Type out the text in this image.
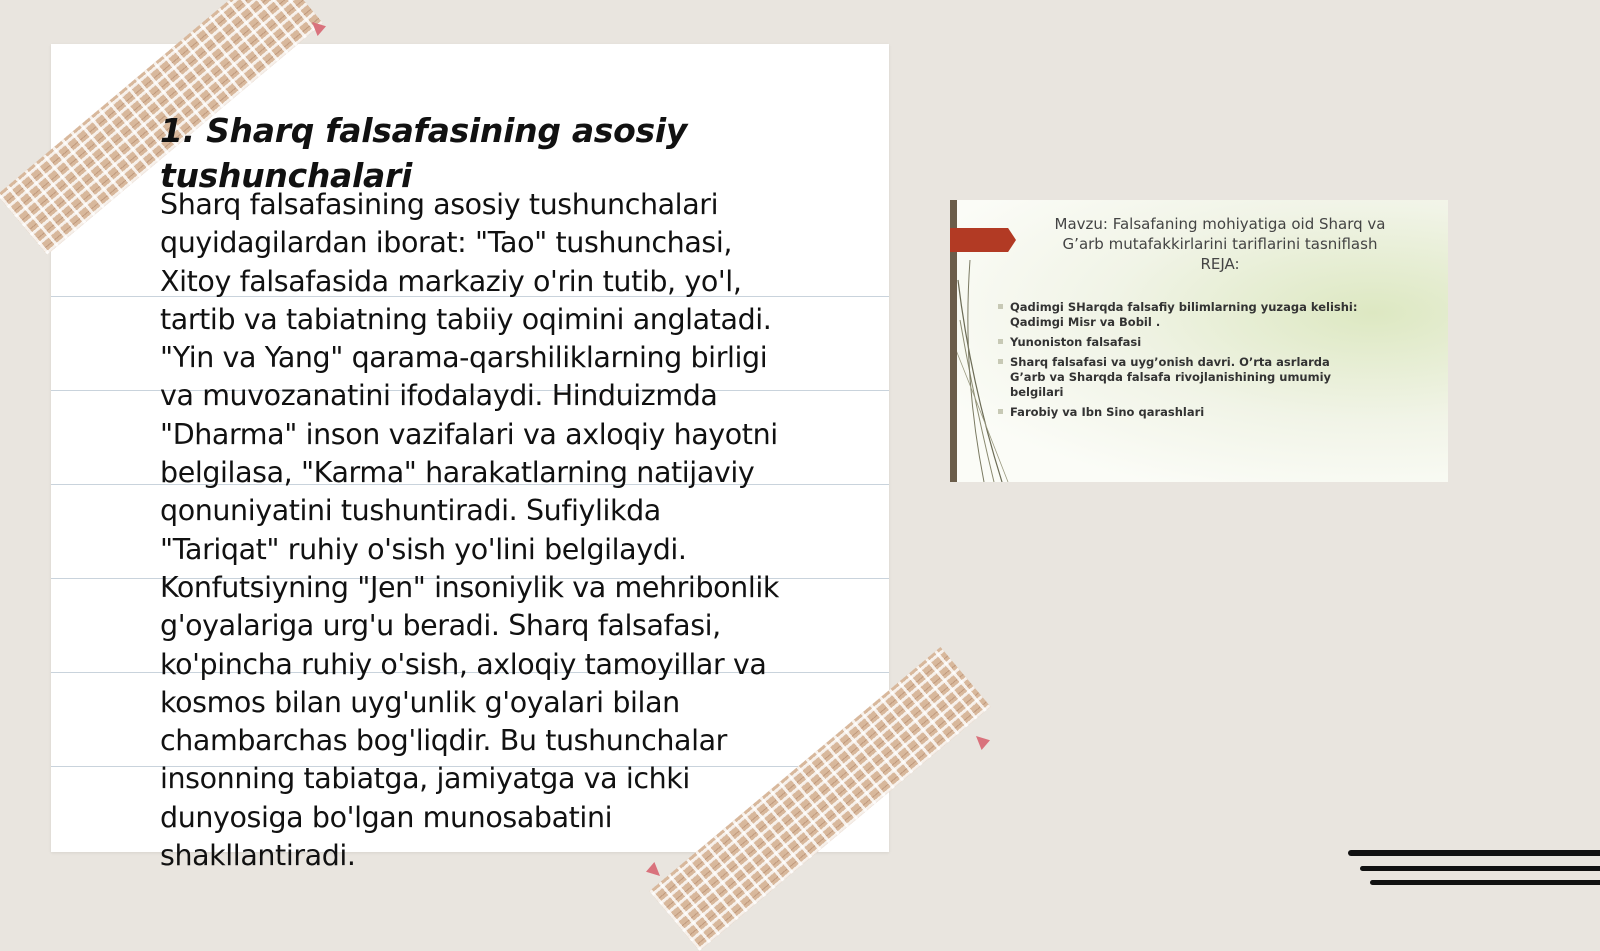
1. Sharq falsafasining asosiy
tushunchalari
Sharq falsafasining asosiy tushunchalari
quyidagilardan iborat: "Tao" tushunchasi,
Xitoy falsafasida markaziy o'rin tutib, yo'l,
tartib va tabiatning tabiiy oqimini anglatadi.
"Yin va Yang" qarama-qarshiliklarning birligi
va muvozanatini ifodalaydi. Hinduizmda
"Dharma" inson vazifalari va axloqiy hayotni
belgilasa, "Karma" harakatlarning natijaviy
qonuniyatini tushuntiradi. Sufiylikda
"Tariqat" ruhiy o'sish yo'lini belgilaydi.
Konfutsiyning "Jen" insoniylik va mehribonlik
g'oyalariga urg'u beradi. Sharq falsafasi,
ko'pincha ruhiy o'sish, axloqiy tamoyillar va
kosmos bilan uyg'unlik g'oyalari bilan
chambarchas bog'liqdir. Bu tushunchalar
insonning tabiatga, jamiyatga va ichki
dunyosiga bo'lgan munosabatini
shakllantiradi.
Mavzu: Falsafaning mohiyatiga oid Sharq va
G’arb mutafakkirlarini tariflarini tasniflash
REJA:
Qadimgi SHarqda falsafiy bilimlarning yuzaga kelishi:
Qadimgi Misr va Bobil .
Yunoniston falsafasi
Sharq falsafasi va uyg’onish davri. O’rta asrlarda
G’arb va Sharqda falsafa rivojlanishining umumiy
belgilari
Farobiy va Ibn Sino qarashlari
